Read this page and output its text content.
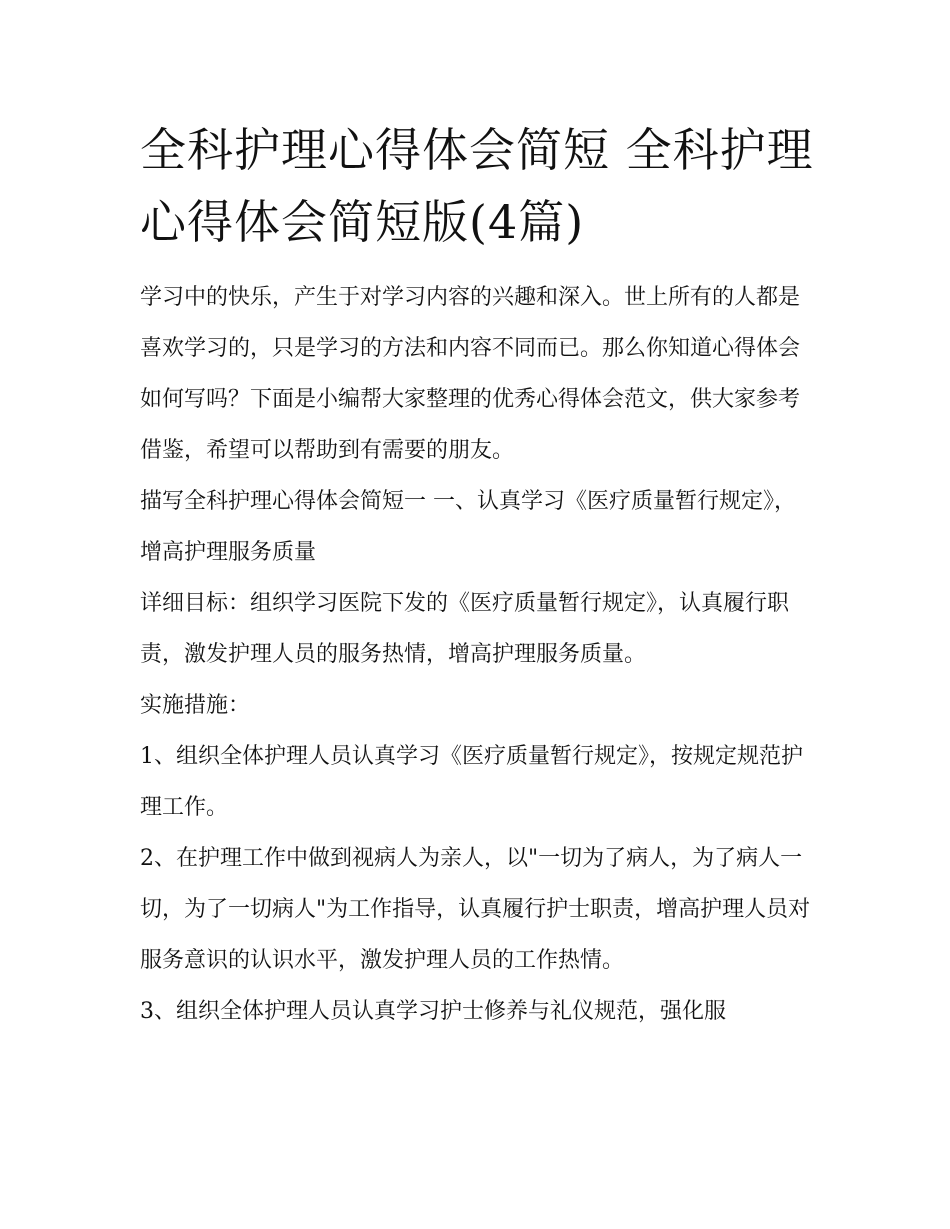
全科护理心得体会简短 全科护理心得体会简短版(4篇)

学习中的快乐，产生于对学习内容的兴趣和深入。世上所有的人都是喜欢学习的，只是学习的方法和内容不同而已。那么你知道心得体会如何写吗？下面是小编帮大家整理的优秀心得体会范文，供大家参考借鉴，希望可以帮助到有需要的朋友。

描写全科护理心得体会简短一 一、认真学习《医疗质量暂行规定》，增高护理服务质量

详细目标：组织学习医院下发的《医疗质量暂行规定》，认真履行职责，激发护理人员的服务热情，增高护理服务质量。

实施措施：

1、组织全体护理人员认真学习《医疗质量暂行规定》，按规定规范护理工作。

2、在护理工作中做到视病人为亲人，以"一切为了病人，为了病人一切，为了一切病人"为工作指导，认真履行护士职责，增高护理人员对服务意识的认识水平，激发护理人员的工作热情。

3、组织全体护理人员认真学习护士修养与礼仪规范，强化服
